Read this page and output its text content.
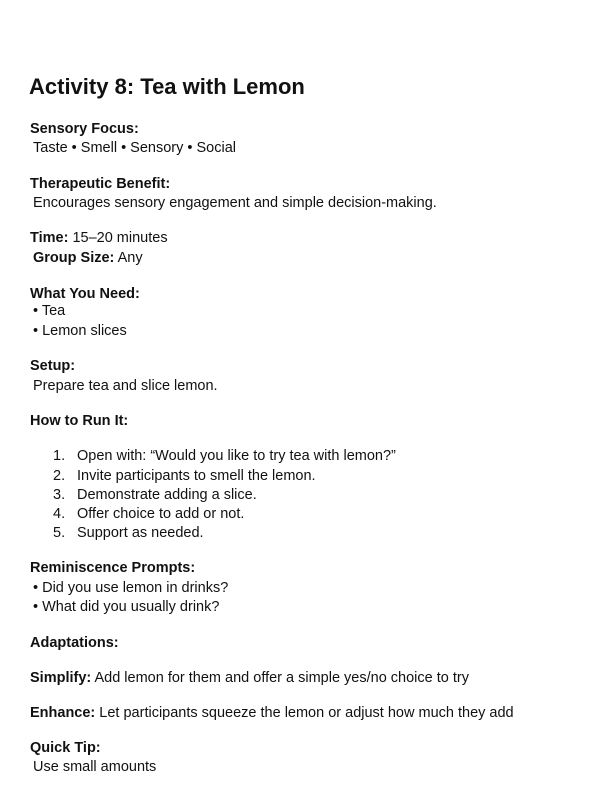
Activity 8: Tea with Lemon
Sensory Focus:
Taste • Smell • Sensory • Social
Therapeutic Benefit:
Encourages sensory engagement and simple decision-making.
Time: 15–20 minutes
Group Size: Any
What You Need:
• Tea
• Lemon slices
Setup:
Prepare tea and slice lemon.
How to Run It:
1. Open with: “Would you like to try tea with lemon?”
2. Invite participants to smell the lemon.
3. Demonstrate adding a slice.
4. Offer choice to add or not.
5. Support as needed.
Reminiscence Prompts:
• Did you use lemon in drinks?
• What did you usually drink?
Adaptations:
Simplify: Add lemon for them and offer a simple yes/no choice to try
Enhance: Let participants squeeze the lemon or adjust how much they add
Quick Tip:
Use small amounts
